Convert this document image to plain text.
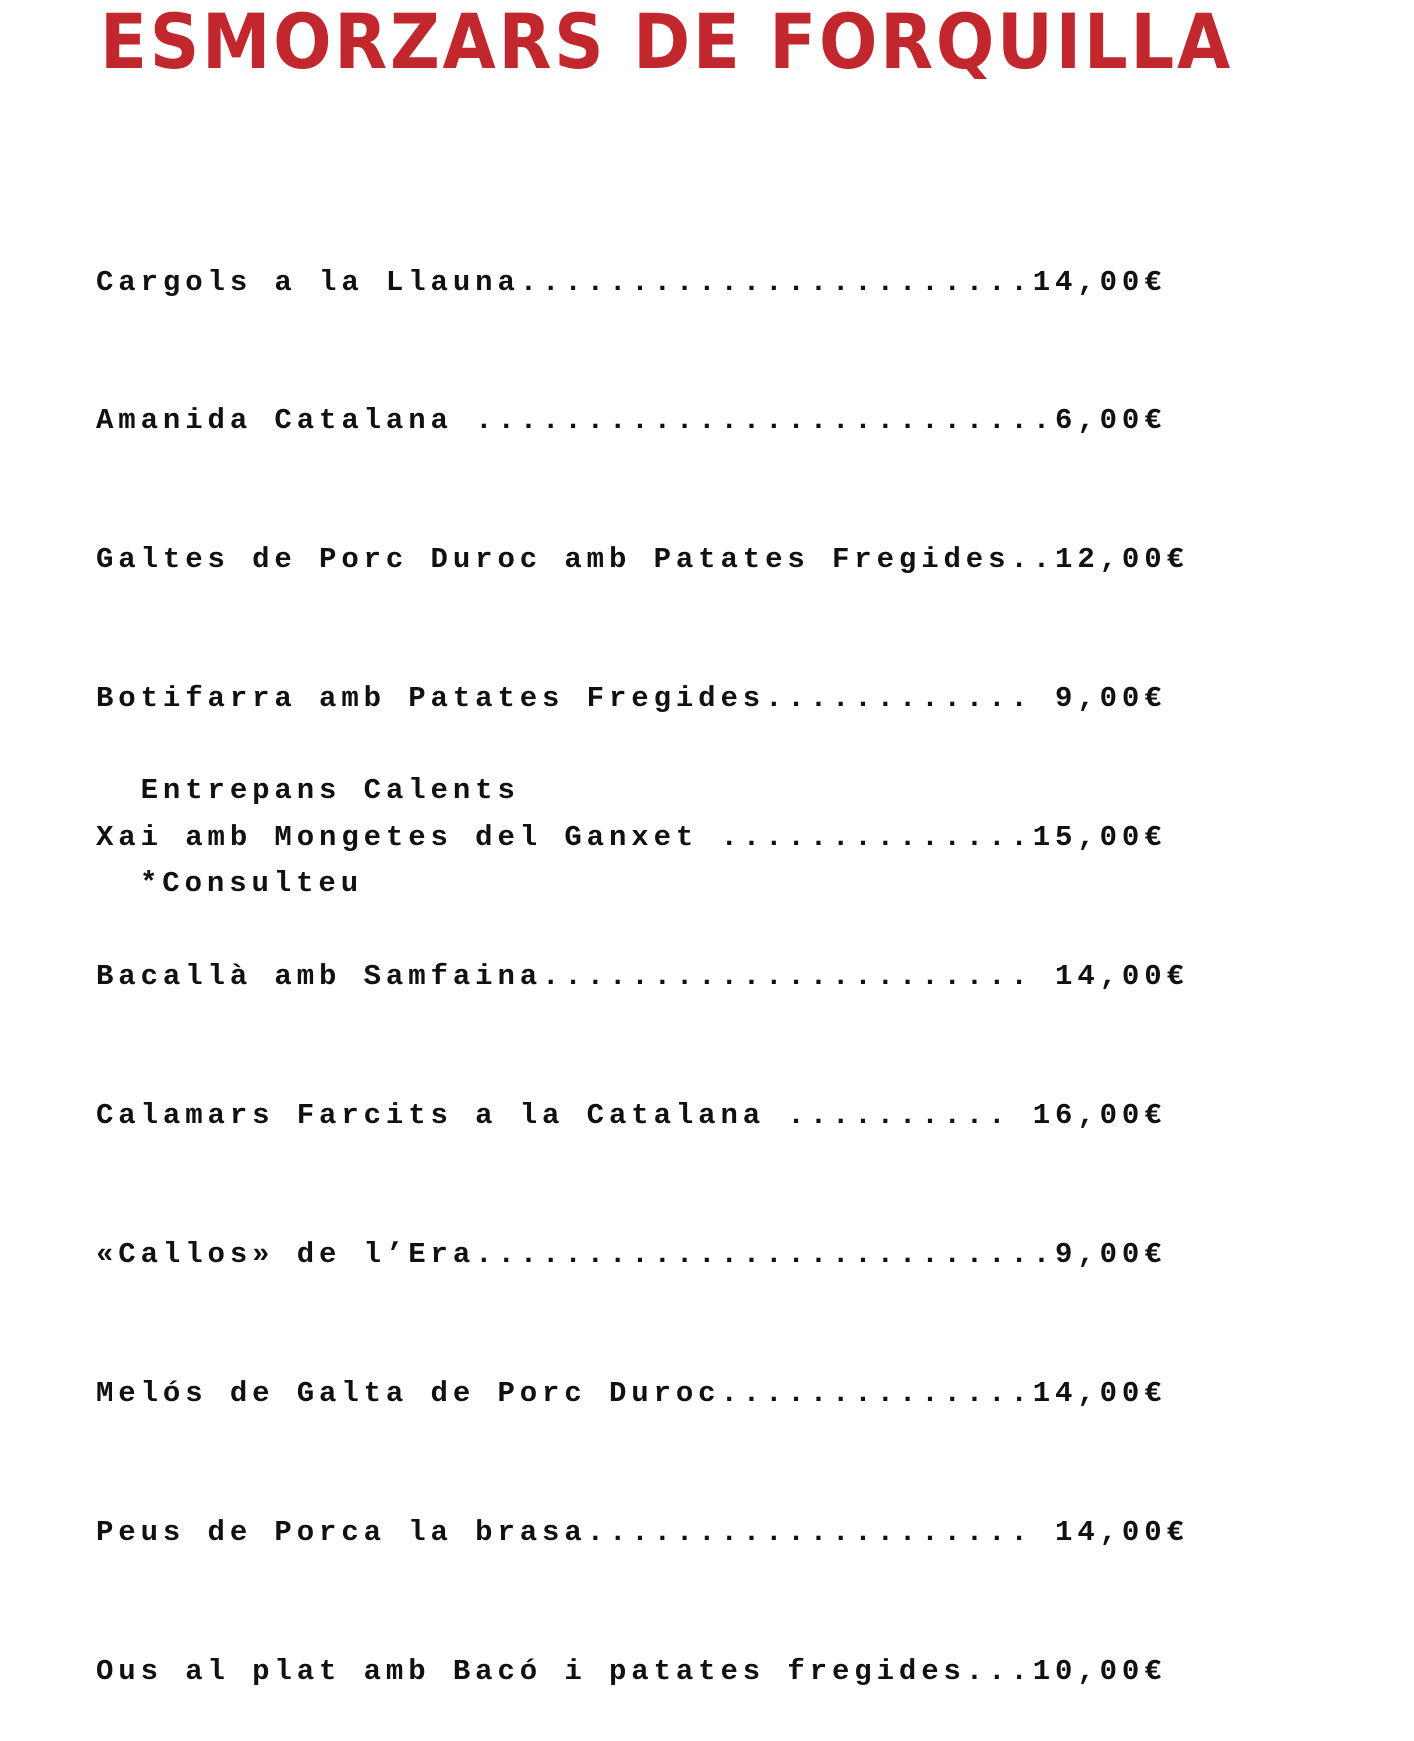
ESMORZARS DE FORQUILLA

Cargols a la Llauna.......................14,00€

Amanida Catalana ..........................6,00€

Galtes de Porc Duroc amb Patates Fregides..12,00€

Botifarra amb Patates Fregides............ 9,00€

Xai amb Mongetes del Ganxet ..............15,00€

Bacallà amb Samfaina...................... 14,00€

Calamars Farcits a la Catalana .......... 16,00€

«Callos» de l’Era..........................9,00€

Melós de Galta de Porc Duroc..............14,00€

Peus de Porca la brasa.................... 14,00€

Ous al plat amb Bacó i patates fregides...10,00€

Entrepans Calents

*Consulteu
